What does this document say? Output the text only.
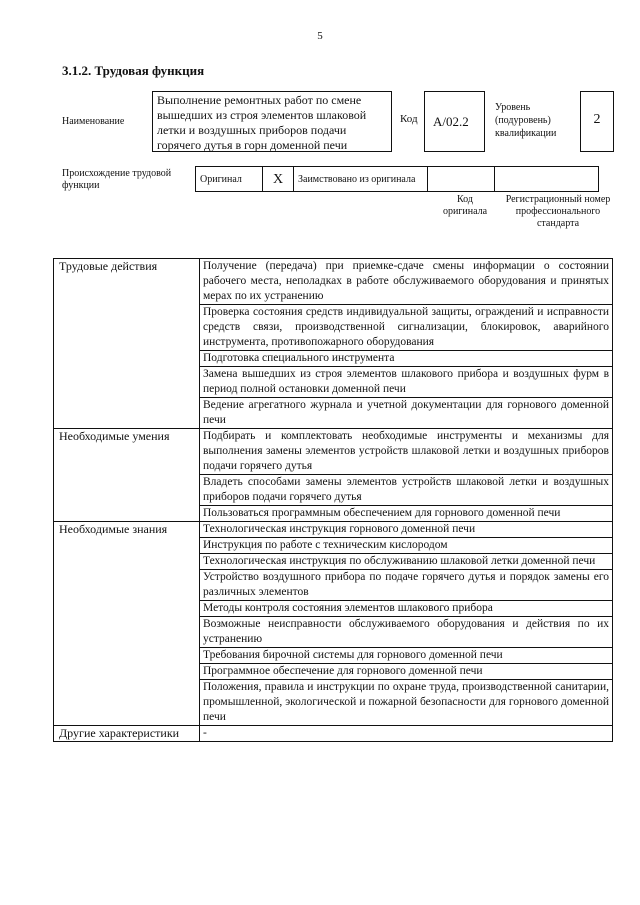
5
3.1.2. Трудовая функция
Наименование
Выполнение ремонтных работ по смене вышедших из строя элементов шлаковой летки и воздушных приборов подачи горячего дутья в горн доменной печи
Код	А/02.2
Уровень (подуровень) квалификации
2
Происхождение трудовой функции
Оригинал	X	Заимствовано из оригинала		
Код оригинала
Регистрационный номер профессионального стандарта
Трудовые действия	Получение (передача) при приемке-сдаче смены информации о состоянии рабочего места, неполадках в работе обслуживаемого оборудования и принятых мерах по их устранению
	Проверка состояния средств индивидуальной защиты, ограждений и исправности средств связи, производственной сигнализации, блокировок, аварийного инструмента, противопожарного оборудования
	Подготовка специального инструмента
	Замена вышедших из строя элементов шлакового прибора и воздушных фурм в период полной остановки доменной печи
	Ведение агрегатного журнала и учетной документации для горнового доменной печи
Необходимые умения	Подбирать и комплектовать необходимые инструменты и механизмы для выполнения замены элементов устройств шлаковой летки и воздушных приборов подачи горячего дутья
	Владеть способами замены элементов устройств шлаковой летки и воздушных приборов подачи горячего дутья
	Пользоваться программным обеспечением для горнового доменной печи
Необходимые знания	Технологическая инструкция горнового доменной печи
	Инструкция по работе с техническим кислородом
	Технологическая инструкция по обслуживанию шлаковой летки доменной печи
	Устройство воздушного прибора по подаче горячего дутья и порядок замены его различных элементов
	Методы контроля состояния элементов шлакового прибора
	Возможные неисправности обслуживаемого оборудования и действия по их устранению
	Требования бирочной системы для горнового доменной печи
	Программное обеспечение для горнового доменной печи
	Положения, правила и инструкции по охране труда, производственной санитарии, промышленной, экологической и пожарной безопасности для горнового доменной печи
Другие характеристики	-
